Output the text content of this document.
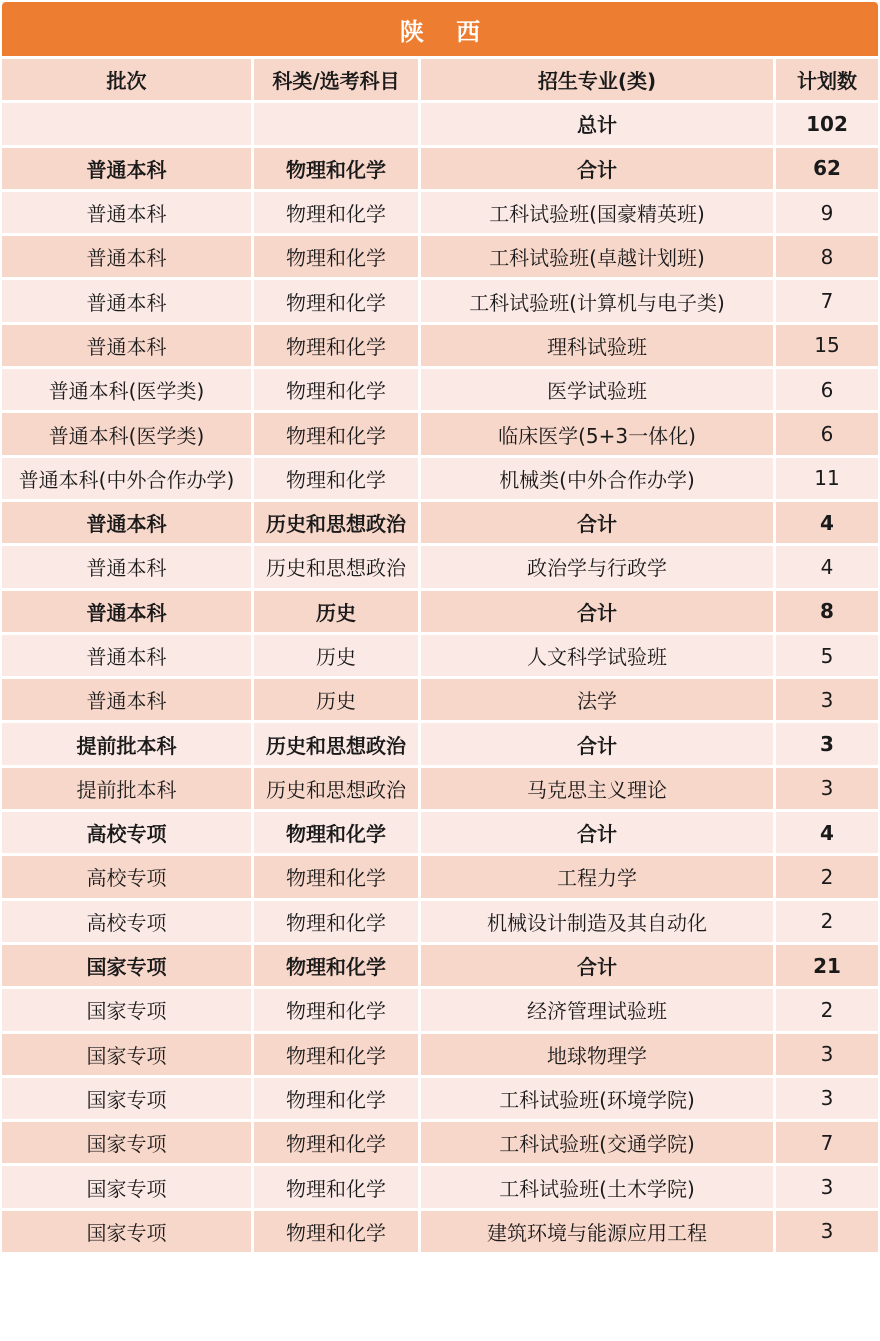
陕 西
批次	科类/选考科目	招生专业(类)	计划数
		总计	102
普通本科	物理和化学	合计	62
普通本科	物理和化学	工科试验班(国豪精英班)	9
普通本科	物理和化学	工科试验班(卓越计划班)	8
普通本科	物理和化学	工科试验班(计算机与电子类)	7
普通本科	物理和化学	理科试验班	15
普通本科(医学类)	物理和化学	医学试验班	6
普通本科(医学类)	物理和化学	临床医学(5+3一体化)	6
普通本科(中外合作办学)	物理和化学	机械类(中外合作办学)	11
普通本科	历史和思想政治	合计	4
普通本科	历史和思想政治	政治学与行政学	4
普通本科	历史	合计	8
普通本科	历史	人文科学试验班	5
普通本科	历史	法学	3
提前批本科	历史和思想政治	合计	3
提前批本科	历史和思想政治	马克思主义理论	3
高校专项	物理和化学	合计	4
高校专项	物理和化学	工程力学	2
高校专项	物理和化学	机械设计制造及其自动化	2
国家专项	物理和化学	合计	21
国家专项	物理和化学	经济管理试验班	2
国家专项	物理和化学	地球物理学	3
国家专项	物理和化学	工科试验班(环境学院)	3
国家专项	物理和化学	工科试验班(交通学院)	7
国家专项	物理和化学	工科试验班(土木学院)	3
国家专项	物理和化学	建筑环境与能源应用工程	3
